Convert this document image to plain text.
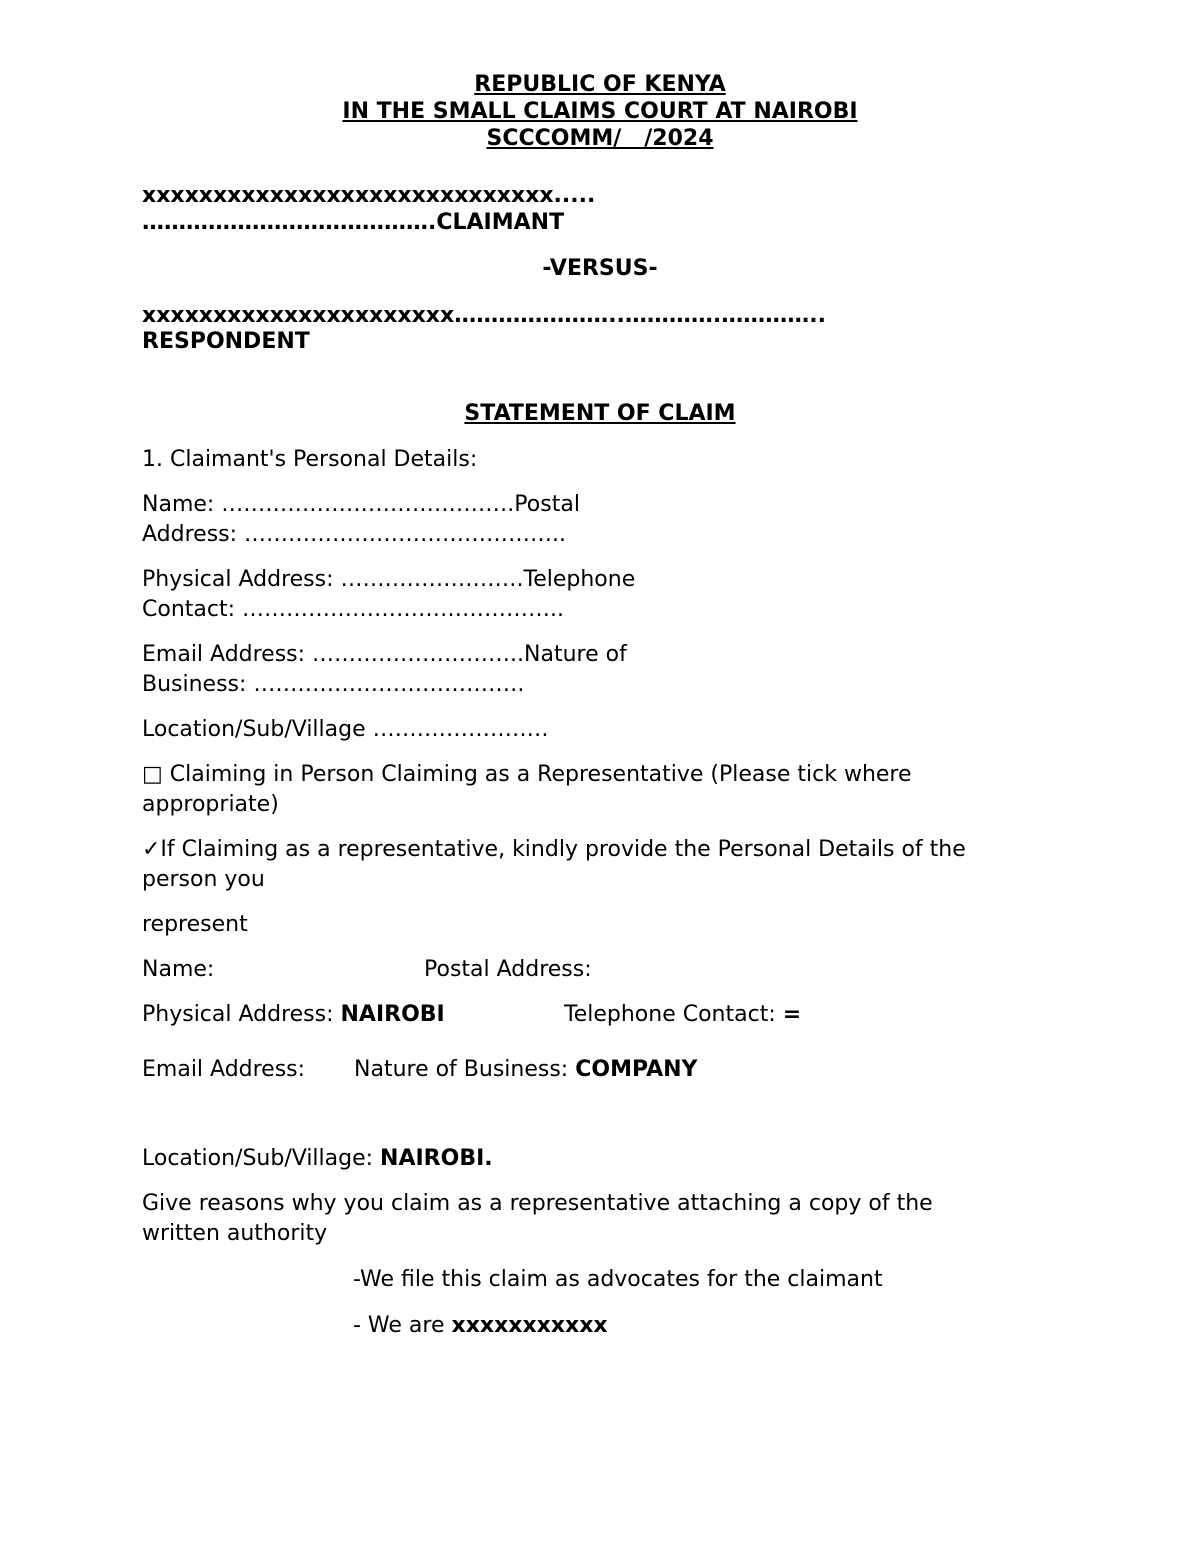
REPUBLIC OF KENYA
IN THE SMALL CLAIMS COURT AT NAIROBI
SCCCOMM/   /2024
xxxxxxxxxxxxxxxxxxxxxxxxxxxxx.....
………………………………….CLAIMANT
-VERSUS-
xxxxxxxxxxxxxxxxxxxxxx…………………..………….…………..
RESPONDENT
STATEMENT OF CLAIM
1. Claimant's Personal Details:
Name: ………………………………….Postal
Address: ……………………………………..
Physical Address: …………………….Telephone
Contact: ……………………………………..
Email Address: ………………………..Nature of
Business: ……………………………….
Location/Sub/Village ……………………
□ Claiming in Person Claiming as a Representative (Please tick where
appropriate)
✓If Claiming as a representative, kindly provide the Personal Details of the
person you
represent
Name:	Postal Address:
Physical Address: NAIROBI	Telephone Contact: =
Email Address: Nature of Business: COMPANY
Location/Sub/Village: NAIROBI.
Give reasons why you claim as a representative attaching a copy of the
written authority
-We file this claim as advocates for the claimant
- We are xxxxxxxxxxx
